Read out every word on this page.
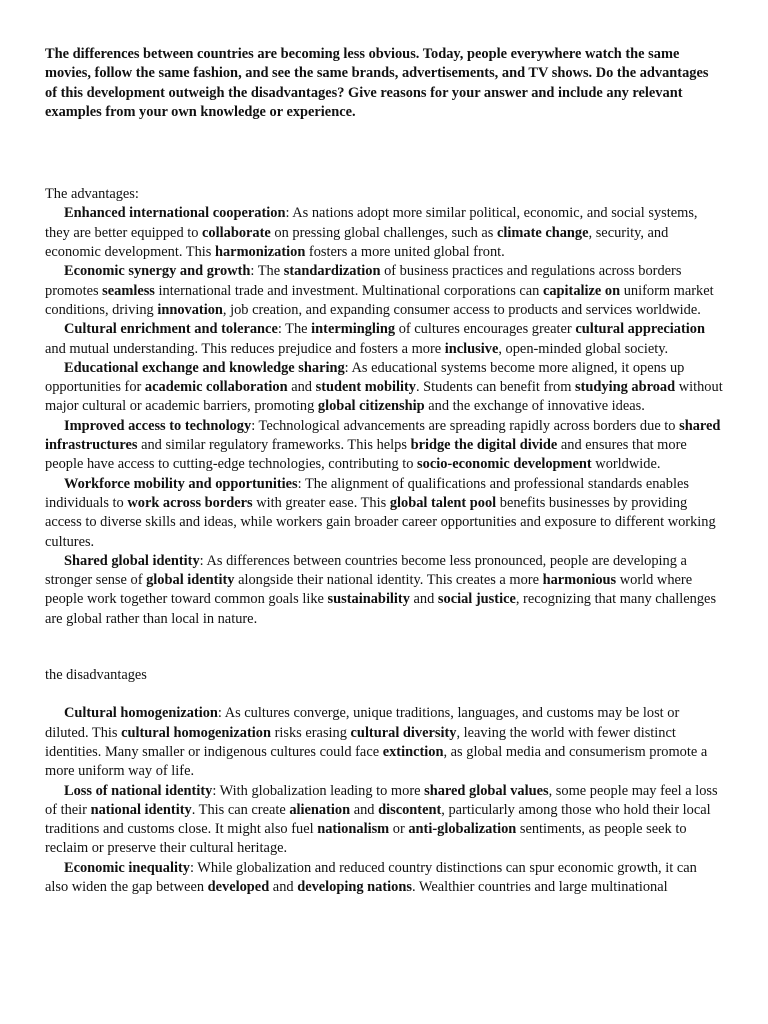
The differences between countries are becoming less obvious. Today, people everywhere watch the same movies, follow the same fashion, and see the same brands, advertisements, and TV shows. Do the advantages of this development outweigh the disadvantages? Give reasons for your answer and include any relevant examples from your own knowledge or experience.

The advantages:

Enhanced international cooperation: As nations adopt more similar political, economic, and social systems, they are better equipped to collaborate on pressing global challenges, such as climate change, security, and economic development. This harmonization fosters a more united global front.

Economic synergy and growth: The standardization of business practices and regulations across borders promotes seamless international trade and investment. Multinational corporations can capitalize on uniform market conditions, driving innovation, job creation, and expanding consumer access to products and services worldwide.

Cultural enrichment and tolerance: The intermingling of cultures encourages greater cultural appreciation and mutual understanding. This reduces prejudice and fosters a more inclusive, open-minded global society.

Educational exchange and knowledge sharing: As educational systems become more aligned, it opens up opportunities for academic collaboration and student mobility. Students can benefit from studying abroad without major cultural or academic barriers, promoting global citizenship and the exchange of innovative ideas.

Improved access to technology: Technological advancements are spreading rapidly across borders due to shared infrastructures and similar regulatory frameworks. This helps bridge the digital divide and ensures that more people have access to cutting-edge technologies, contributing to socio-economic development worldwide.

Workforce mobility and opportunities: The alignment of qualifications and professional standards enables individuals to work across borders with greater ease. This global talent pool benefits businesses by providing access to diverse skills and ideas, while workers gain broader career opportunities and exposure to different working cultures.

Shared global identity: As differences between countries become less pronounced, people are developing a stronger sense of global identity alongside their national identity. This creates a more harmonious world where people work together toward common goals like sustainability and social justice, recognizing that many challenges are global rather than local in nature.

the disadvantages

Cultural homogenization: As cultures converge, unique traditions, languages, and customs may be lost or diluted. This cultural homogenization risks erasing cultural diversity, leaving the world with fewer distinct identities. Many smaller or indigenous cultures could face extinction, as global media and consumerism promote a more uniform way of life.

Loss of national identity: With globalization leading to more shared global values, some people may feel a loss of their national identity. This can create alienation and discontent, particularly among those who hold their local traditions and customs close. It might also fuel nationalism or anti-globalization sentiments, as people seek to reclaim or preserve their cultural heritage.

Economic inequality: While globalization and reduced country distinctions can spur economic growth, it can also widen the gap between developed and developing nations. Wealthier countries and large multinational
